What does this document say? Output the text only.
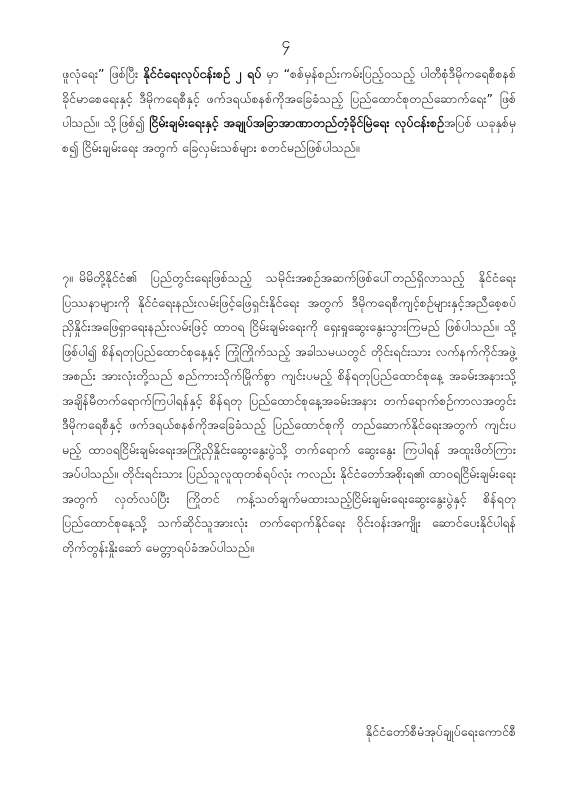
၄

ဖူလုံရေး” ဖြစ်ပြီး နိုင်ငံရေးလုပ်ငန်းစဉ် ၂ ရပ် မှာ “စစ်မှန်စည်းကမ်းပြည့်ဝသည့် ပါတီစုံဒီမိုကရေစီစနစ်ခိုင်မာစေရေးနှင့် ဒီမိုကရေစီနှင့် ဖက်ဒရယ်စနစ်ကိုအခြေခံသည့် ပြည်ထောင်စုတည်ဆောက်ရေး” ဖြစ်ပါသည်။ သို့ဖြစ်၍ ငြိမ်းချမ်းရေးနှင့် အချုပ်အခြာအာဏာတည်တံ့ခိုင်မြဲရေး လုပ်ငန်းစဉ်အပြစ် ယခုနှစ်မှစ၍ ငြိမ်းချမ်းရေး အတွက် ခြေလှမ်းသစ်များ စတင်မည်ဖြစ်ပါသည်။

၇။ မိမိတို့နိုင်ငံ၏ ပြည်တွင်းရေးဖြစ်သည့် သမိုင်းအစဉ်အဆက်ဖြစ်ပေါ်တည်ရှိလာသည့် နိုင်ငံရေးပြဿနာများကို နိုင်ငံရေးနည်းလမ်းဖြင့်ဖြေရှင်းနိုင်ရေး အတွက် ဒီမိုကရေစီကျင့်စဉ်များနှင့်အညီစေ့စပ်ညှိနှိုင်းအဖြေရှာရေးနည်းလမ်းဖြင့် ထာဝရ ငြိမ်းချမ်းရေးကို ရှေးရှုဆွေးနွေးသွားကြမည် ဖြစ်ပါသည်။ သို့ဖြစ်ပါ၍ စိန်ရတုပြည်ထောင်စုနေ့နှင့် ကြုံကြိုက်သည့် အခါသမယတွင် တိုင်းရင်းသား လက်နက်ကိုင်အဖွဲ့အစည်း အားလုံးတို့သည် စည်ကားသိုက်မြိုက်စွာ ကျင်းပမည့် စိန်ရတုပြည်ထောင်စုနေ့ အခမ်းအနားသို့ အချိန်မီတက်ရောက်ကြပါရန်နှင့် စိန်ရတု ပြည်ထောင်စုနေ့အခမ်းအနား တက်ရောက်စဉ်ကာလအတွင်း ဒီမိုကရေစီနှင့် ဖက်ဒရယ်စနစ်ကိုအခြေခံသည့် ပြည်ထောင်စုကို တည်ဆောက်နိုင်ရေးအတွက် ကျင်းပမည့် ထာဝရငြိမ်းချမ်းရေးအကြိုညှိနှိုင်းဆွေးနွေးပွဲသို့ တက်ရောက် ဆွေးနွေး ကြပါရန် အထူးဖိတ်ကြားအပ်ပါသည်။ တိုင်းရင်းသား ပြည်သူလူထုတစ်ရပ်လုံး ကလည်း နိုင်ငံတော်အစိုးရ၏ ထာဝရငြိမ်းချမ်းရေးအတွက် လှတ်လပ်ပြီး ကြိုတင် ကန့်သတ်ချက်မထားသည့်ငြိမ်းချမ်းရေးဆွေးနွေးပွဲနှင့် စိန်ရတု ပြည်ထောင်စုနေ့သို့ သက်ဆိုင်သူအားလုံး တက်ရောက်နိုင်ရေး ဝိုင်းဝန်းအကျိုး ဆောင်ပေးနိုင်ပါရန် တိုက်တွန်းနှိုးဆော် မေတ္တာရပ်ခံအပ်ပါသည်။

နိုင်ငံတော်စီမံအုပ်ချုပ်ရေးကောင်စီ
